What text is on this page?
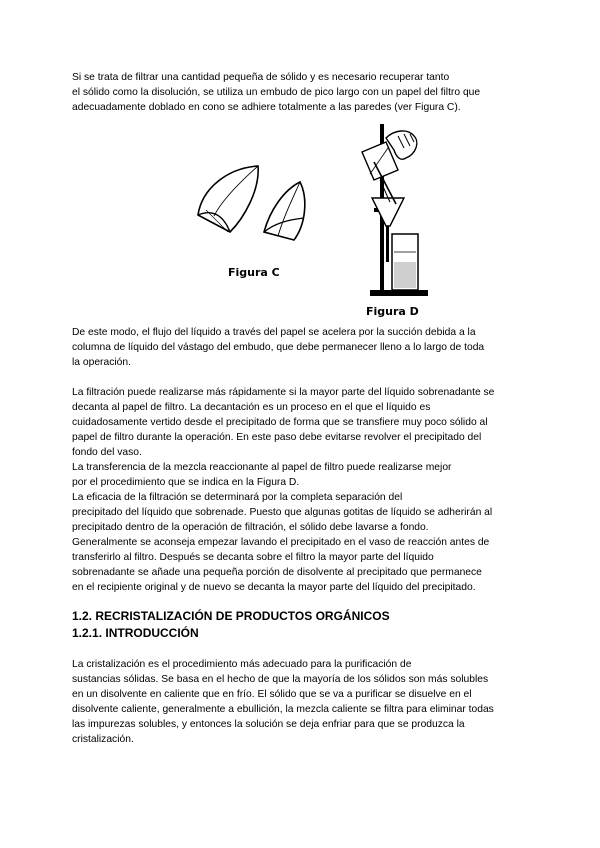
Si se trata de filtrar una cantidad pequeña de sólido y es necesario recuperar tanto
el sólido como la disolución, se utiliza un embudo de pico largo con un papel del filtro que
adecuadamente doblado en cono se adhiere totalmente a las paredes (ver Figura C).
Figura C
Figura D
De este modo, el flujo del líquido a través del papel se acelera por la succión debida a la
columna de líquido del vástago del embudo, que debe permanecer lleno a lo largo de toda
la operación.
La filtración puede realizarse más rápidamente si la mayor parte del líquido sobrenadante se
decanta al papel de filtro. La decantación es un proceso en el que el líquido es
cuidadosamente vertido desde el precipitado de forma que se transfiere muy poco sólido al
papel de filtro durante la operación. En este paso debe evitarse revolver el precipitado del
fondo del vaso.
La transferencia de la mezcla reaccionante al papel de filtro puede realizarse mejor
por el procedimiento que se indica en la Figura D.
La eficacia de la filtración se determinará por la completa separación del
precipitado del líquido que sobrenade. Puesto que algunas gotitas de líquido se adherirán al
precipitado dentro de la operación de filtración, el sólido debe lavarse a fondo.
Generalmente se aconseja empezar lavando el precipitado en el vaso de reacción antes de
transferirlo al filtro. Después se decanta sobre el filtro la mayor parte del líquido
sobrenadante se añade una pequeña porción de disolvente al precipitado que permanece
en el recipiente original y de nuevo se decanta la mayor parte del líquido del precipitado.
1.2. RECRISTALIZACIÓN DE PRODUCTOS ORGÁNICOS
1.2.1. INTRODUCCIÓN
La cristalización es el procedimiento más adecuado para la purificación de
sustancias sólidas. Se basa en el hecho de que la mayoría de los sólidos son más solubles
en un disolvente en caliente que en frío. El sólido que se va a purificar se disuelve en el
disolvente caliente, generalmente a ebullición, la mezcla caliente se filtra para eliminar todas
las impurezas solubles, y entonces la solución se deja enfriar para que se produzca la
cristalización.
